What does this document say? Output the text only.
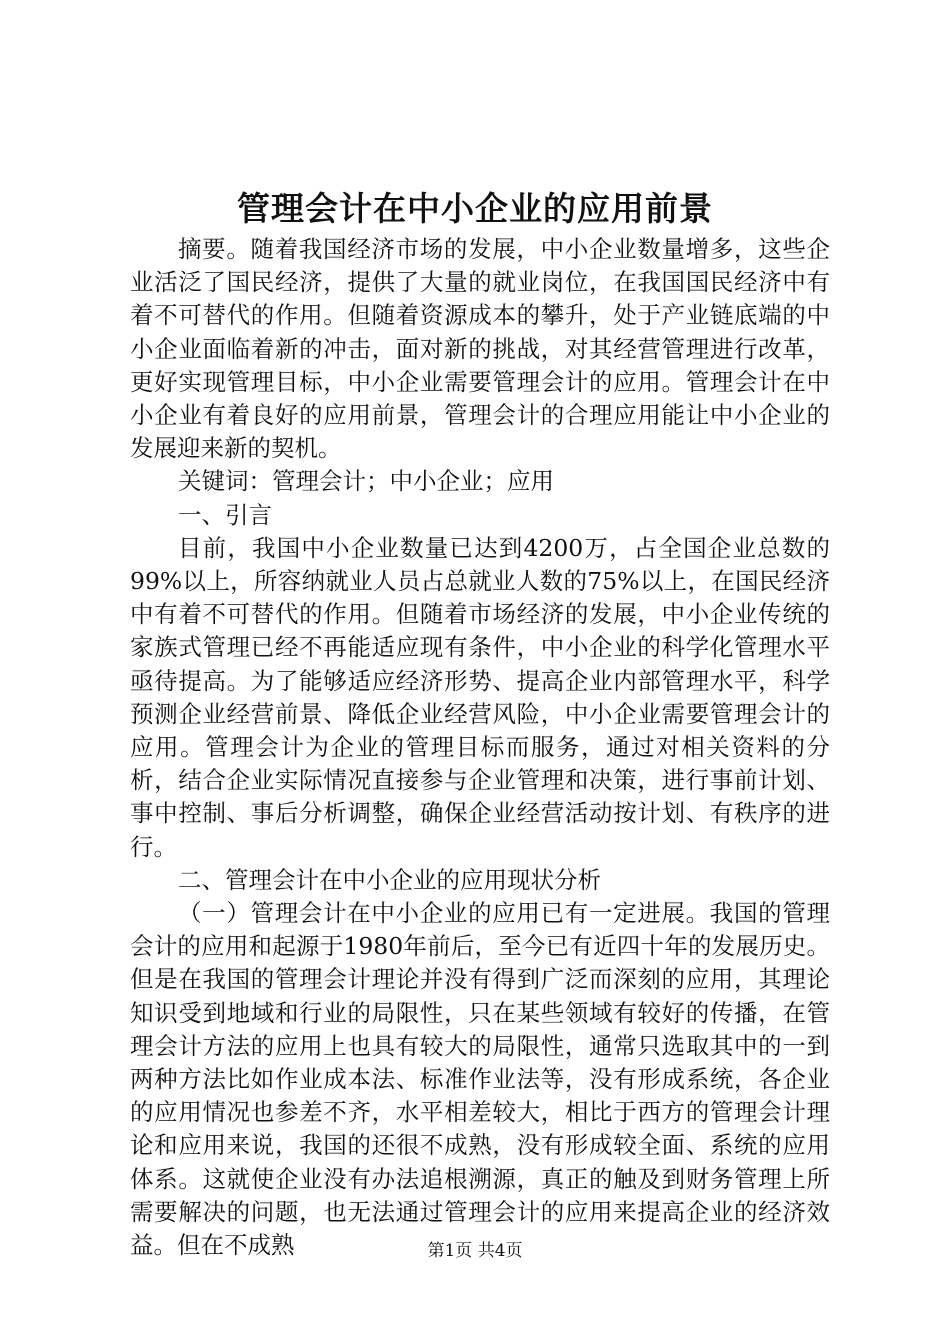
管理会计在中小企业的应用前景

摘要。随着我国经济市场的发展，中小企业数量增多，这些企业活泛了国民经济，提供了大量的就业岗位，在我国国民经济中有着不可替代的作用。但随着资源成本的攀升，处于产业链底端的中小企业面临着新的冲击，面对新的挑战，对其经营管理进行改革，更好实现管理目标，中小企业需要管理会计的应用。管理会计在中小企业有着良好的应用前景，管理会计的合理应用能让中小企业的发展迎来新的契机。

关键词：管理会计；中小企业；应用

一、引言

目前，我国中小企业数量已达到4200万，占全国企业总数的99%以上，所容纳就业人员占总就业人数的75%以上，在国民经济中有着不可替代的作用。但随着市场经济的发展，中小企业传统的家族式管理已经不再能适应现有条件，中小企业的科学化管理水平亟待提高。为了能够适应经济形势、提高企业内部管理水平，科学预测企业经营前景、降低企业经营风险，中小企业需要管理会计的应用。管理会计为企业的管理目标而服务，通过对相关资料的分析，结合企业实际情况直接参与企业管理和决策，进行事前计划、事中控制、事后分析调整，确保企业经营活动按计划、有秩序的进行。

二、管理会计在中小企业的应用现状分析

（一）管理会计在中小企业的应用已有一定进展。我国的管理会计的应用和起源于1980年前后，至今已有近四十年的发展历史。但是在我国的管理会计理论并没有得到广泛而深刻的应用，其理论知识受到地域和行业的局限性，只在某些领域有较好的传播，在管理会计方法的应用上也具有较大的局限性，通常只选取其中的一到两种方法比如作业成本法、标准作业法等，没有形成系统，各企业的应用情况也参差不齐，水平相差较大，相比于西方的管理会计理论和应用来说，我国的还很不成熟，没有形成较全面、系统的应用体系。这就使企业没有办法追根溯源，真正的触及到财务管理上所需要解决的问题，也无法通过管理会计的应用来提高企业的经济效益。但在不成熟	第1页 共4页
